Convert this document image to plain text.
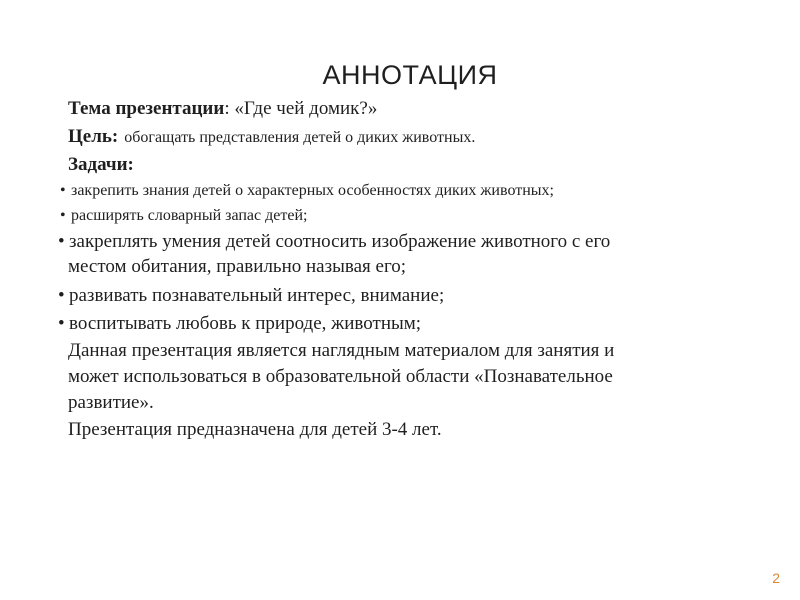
АННОТАЦИЯ
Тема презентации: «Где чей домик?»
Цель: обогащать представления детей о диких животных.
Задачи:
• закрепить знания детей о характерных особенностях диких животных;
• расширять словарный запас детей;
• закреплять умения детей соотносить изображение животного с его
местом обитания, правильно называя его;
• развивать познавательный интерес, внимание;
• воспитывать любовь к природе, животным;
Данная презентация является наглядным материалом для занятия и
может использоваться в образовательной области «Познавательное
развитие».
Презентация предназначена для детей 3-4 лет.
2
